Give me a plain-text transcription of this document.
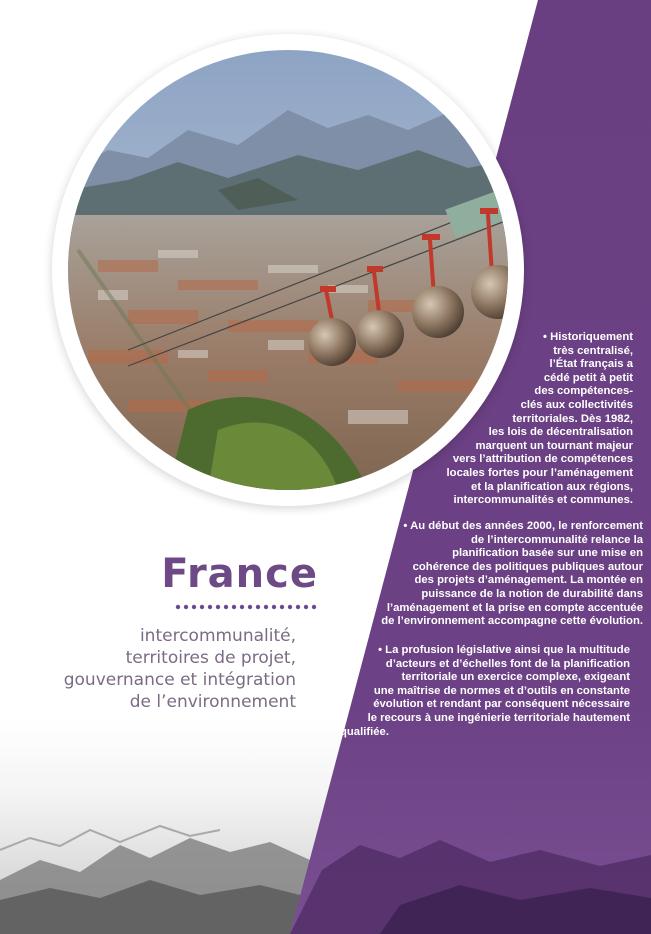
France
intercommunalité,
territoires de projet,
gouvernance et intégration
de l’environnement
• Historiquement
très centralisé,
l’État français a
cédé petit à petit
des compétences-
clés aux collectivités
territoriales. Dès 1982,
les lois de décentralisation
marquent un tournant majeur
vers l’attribution de compétences
locales fortes pour l’aménagement
et la planification aux régions,
intercommunalités et communes.
• Au début des années 2000, le renforcement
de l’intercommunalité relance la
planification basée sur une mise en
cohérence des politiques publiques autour
des projets d’aménagement. La montée en
puissance de la notion de durabilité dans
l’aménagement et la prise en compte accentuée
de l’environnement accompagne cette évolution.
• La profusion législative ainsi que la multitude
d’acteurs et d’échelles font de la planification
territoriale un exercice complexe, exigeant
une maîtrise de normes et d’outils en constante
évolution et rendant par conséquent nécessaire
le recours à une ingénierie territoriale hautement
qualifiée.
